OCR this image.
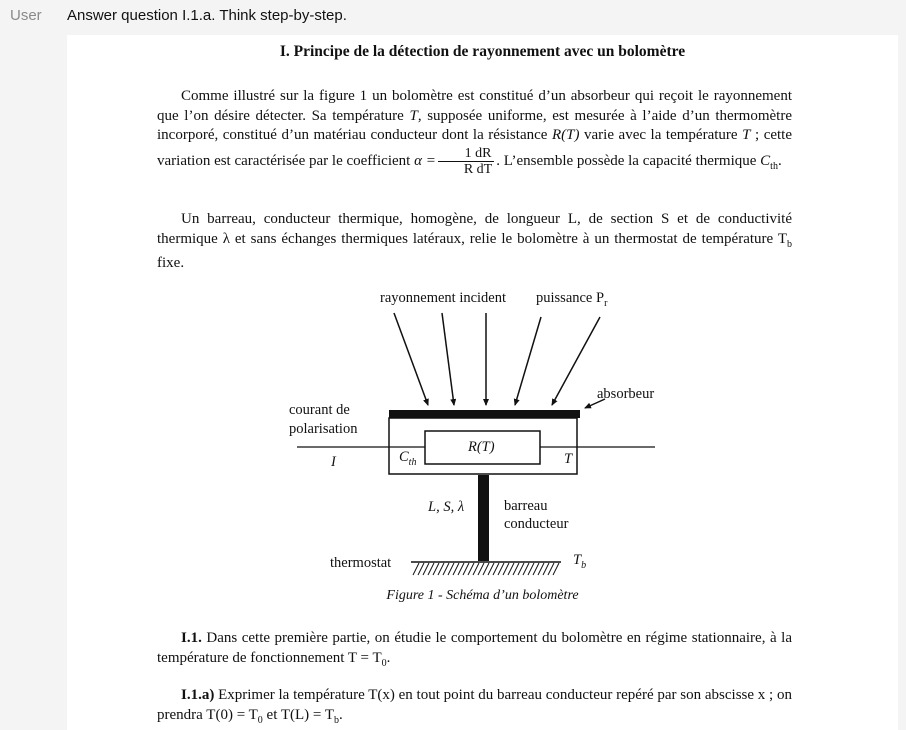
User Answer question I.1.a. Think step-by-step.
I. Principe de la détection de rayonnement avec un bolomètre

Comme illustré sur la figure 1 un bolomètre est constitué d’un absorbeur qui reçoit le rayonnement que l’on désire détecter. Sa température T, supposée uniforme, est mesurée à l’aide d’un thermomètre incorporé, constitué d’un matériau conducteur dont la résistance R(T) varie avec la température T ; cette variation est caractérisée par le coefficient $\alpha = \frac{1 dR}{\text{R dT}}$ . L’ensemble possède la capacité thermique $C_{th}$.

Un barreau, conducteur thermique, homogène, de longueur L, de section S et de conductivité thermique λ et sans échanges thermiques latéraux, relie le bolomètre à un thermostat de température $T_b$ fixe.

rayonnement incident puissance $P_r$
absorbeur
courant de
polarisation
I	$C_{th}$
R(T)
T
L, S, λ	barreau
conducteur
thermostat	$T_b$
Figure 1 - Schéma d’un bolomètre

I.1. Dans cette première partie, on étudie le comportement du bolomètre en régime stationnaire, à la température de fonctionnement $T = T_0$.

I.1.a) Exprimer la température T(x) en tout point du barreau conducteur repéré par son abscisse x ; on prendra $T(0) = T_0$ et $T(L) = T_b$.
